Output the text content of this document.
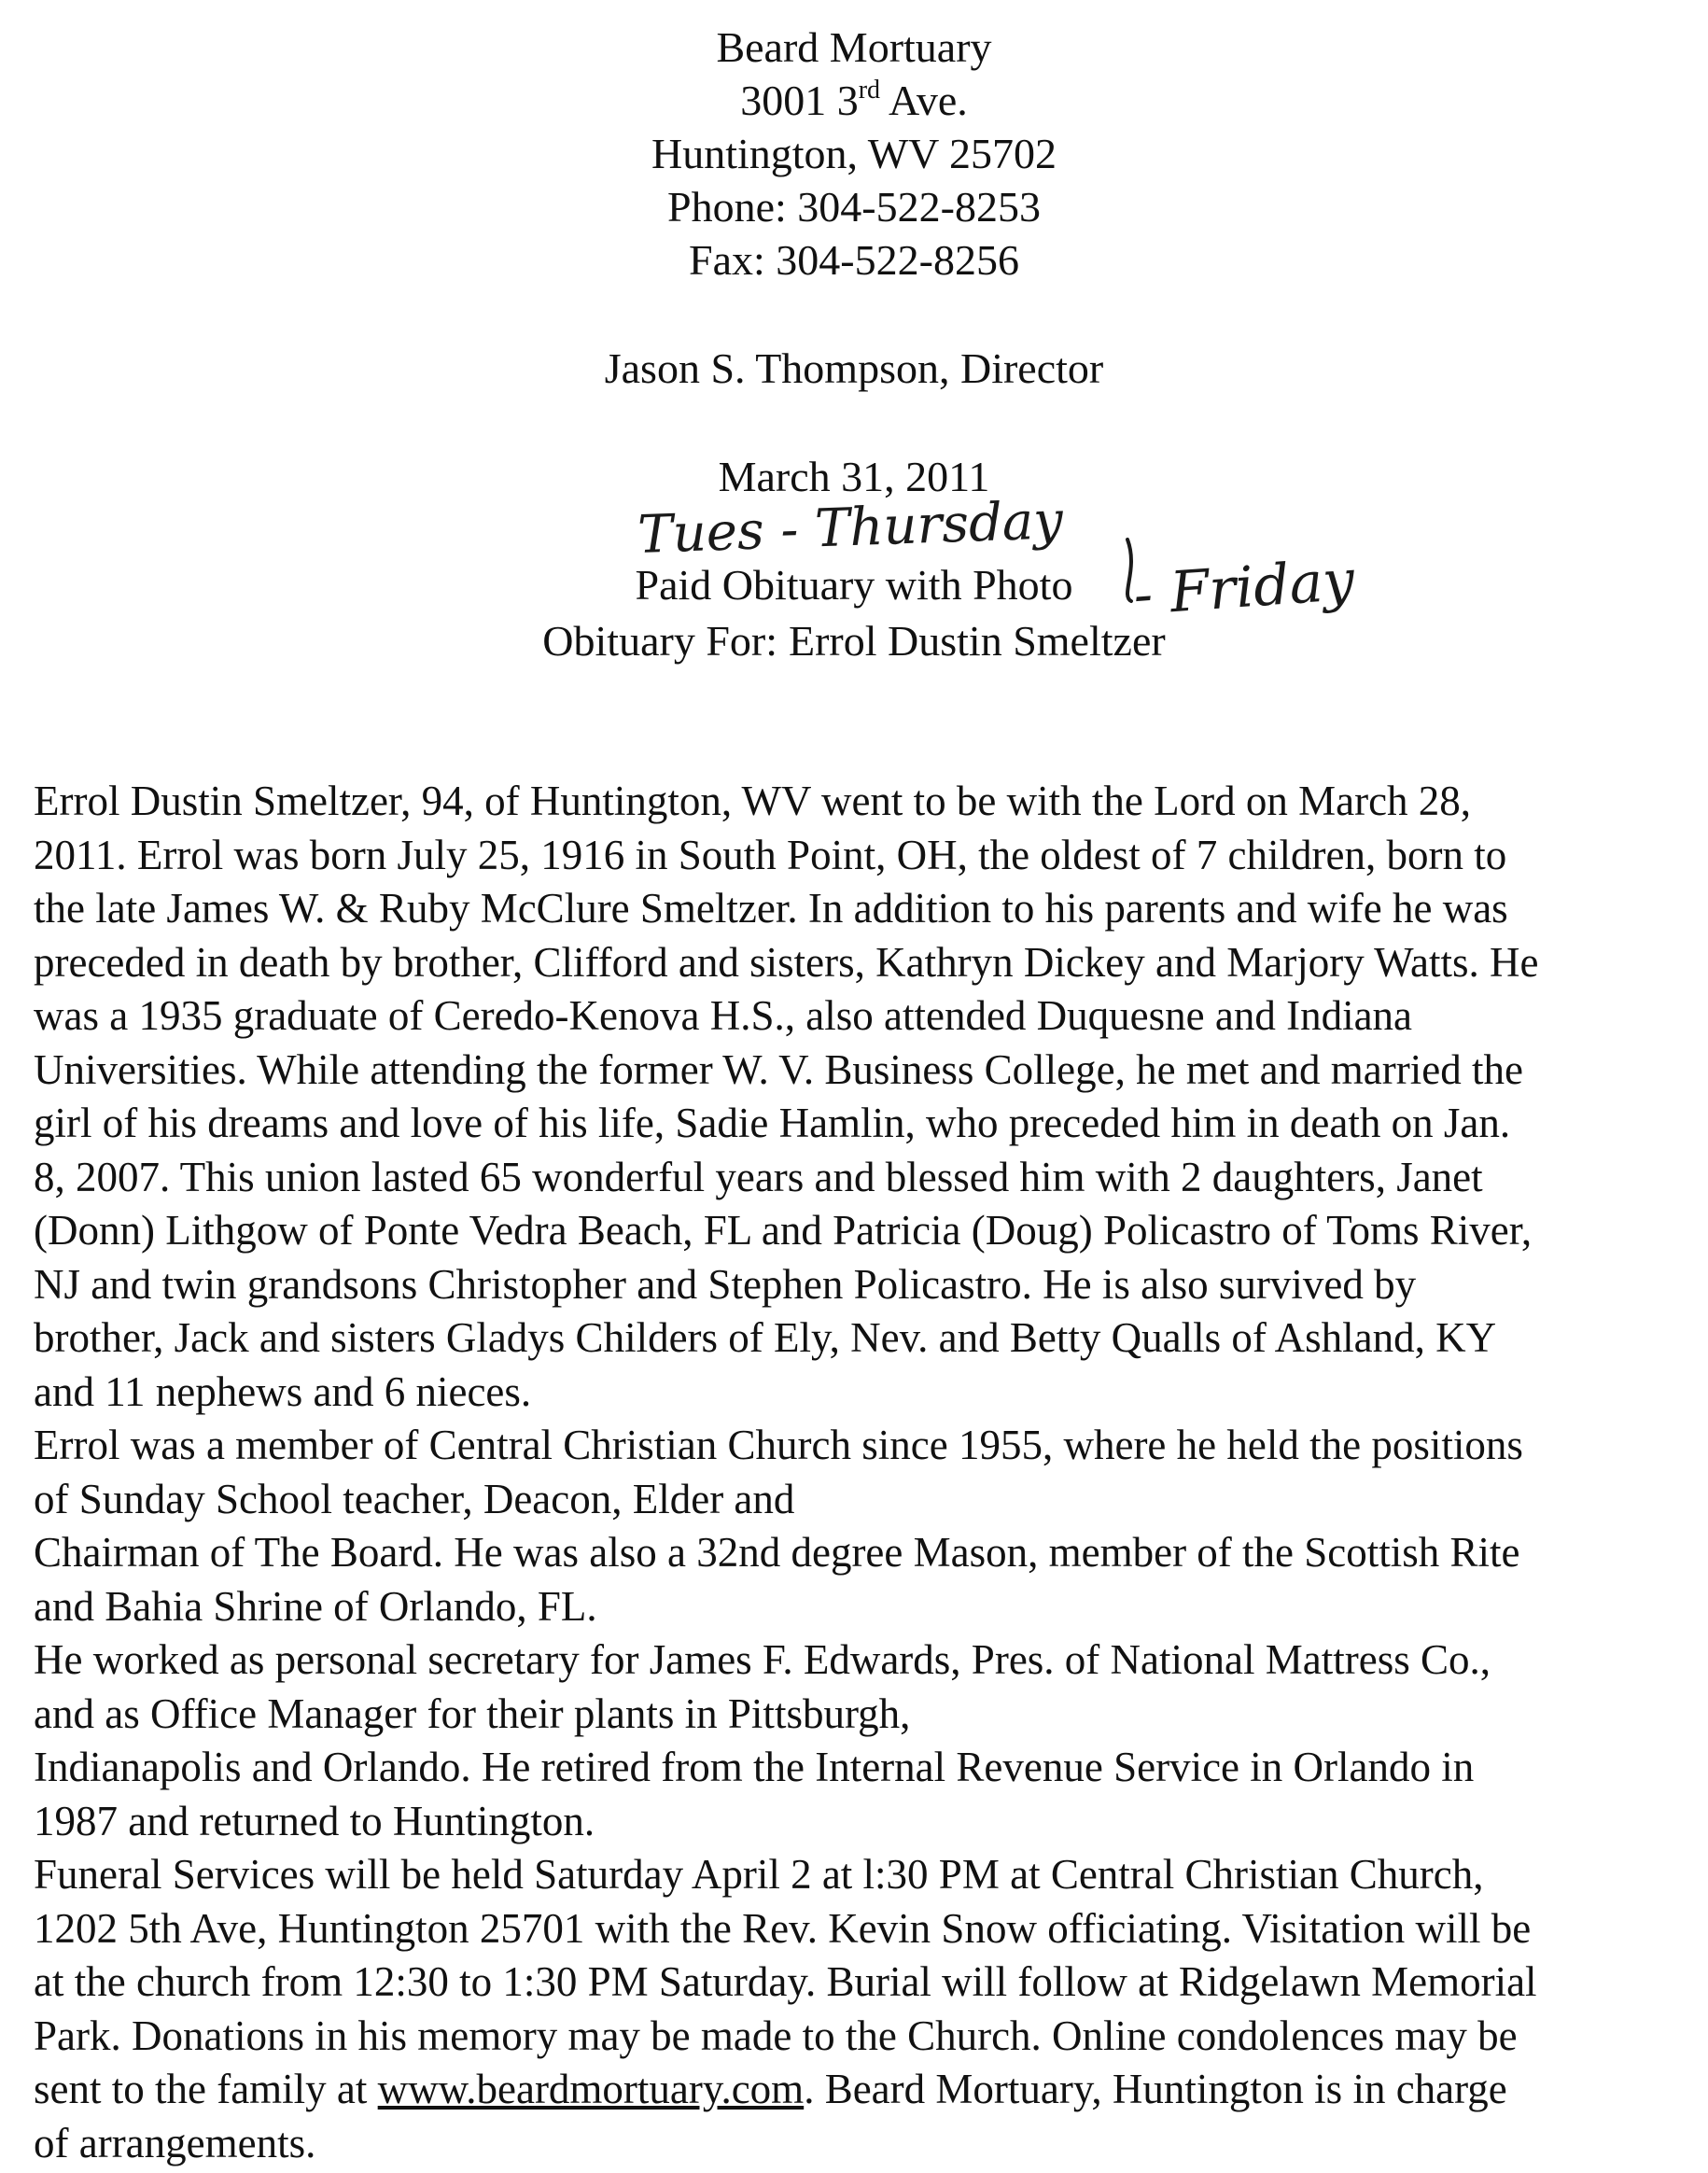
Beard Mortuary
3001 3rd Ave.
Huntington, WV 25702
Phone: 304-522-8253
Fax: 304-522-8256
Jason S. Thompson, Director
March 31, 2011
Tues - Thursday
- Friday
Paid Obituary with Photo
Obituary For: Errol Dustin Smeltzer
Errol Dustin Smeltzer, 94, of Huntington, WV went to be with the Lord on March 28,
2011. Errol was born July 25, 1916 in South Point, OH, the oldest of 7 children, born to
the late James W. & Ruby McClure Smeltzer. In addition to his parents and wife he was
preceded in death by brother, Clifford and sisters, Kathryn Dickey and Marjory Watts. He
was a 1935 graduate of Ceredo-Kenova H.S., also attended Duquesne and Indiana
Universities. While attending the former W. V. Business College, he met and married the
girl of his dreams and love of his life, Sadie Hamlin, who preceded him in death on Jan.
8, 2007. This union lasted 65 wonderful years and blessed him with 2 daughters, Janet
(Donn) Lithgow of Ponte Vedra Beach, FL and Patricia (Doug) Policastro of Toms River,
NJ and twin grandsons Christopher and Stephen Policastro. He is also survived by
brother, Jack and sisters Gladys Childers of Ely, Nev. and Betty Qualls of Ashland, KY
and 11 nephews and 6 nieces.
Errol was a member of Central Christian Church since 1955, where he held the positions
of Sunday School teacher, Deacon, Elder and
Chairman of The Board. He was also a 32nd degree Mason, member of the Scottish Rite
and Bahia Shrine of Orlando, FL.
He worked as personal secretary for James F. Edwards, Pres. of National Mattress Co.,
and as Office Manager for their plants in Pittsburgh,
Indianapolis and Orlando. He retired from the Internal Revenue Service in Orlando in
1987 and returned to Huntington.
Funeral Services will be held Saturday April 2 at l:30 PM at Central Christian Church,
1202 5th Ave, Huntington 25701 with the Rev. Kevin Snow officiating. Visitation will be
at the church from 12:30 to 1:30 PM Saturday. Burial will follow at Ridgelawn Memorial
Park. Donations in his memory may be made to the Church. Online condolences may be
sent to the family at www.beardmortuary.com. Beard Mortuary, Huntington is in charge
of arrangements.
